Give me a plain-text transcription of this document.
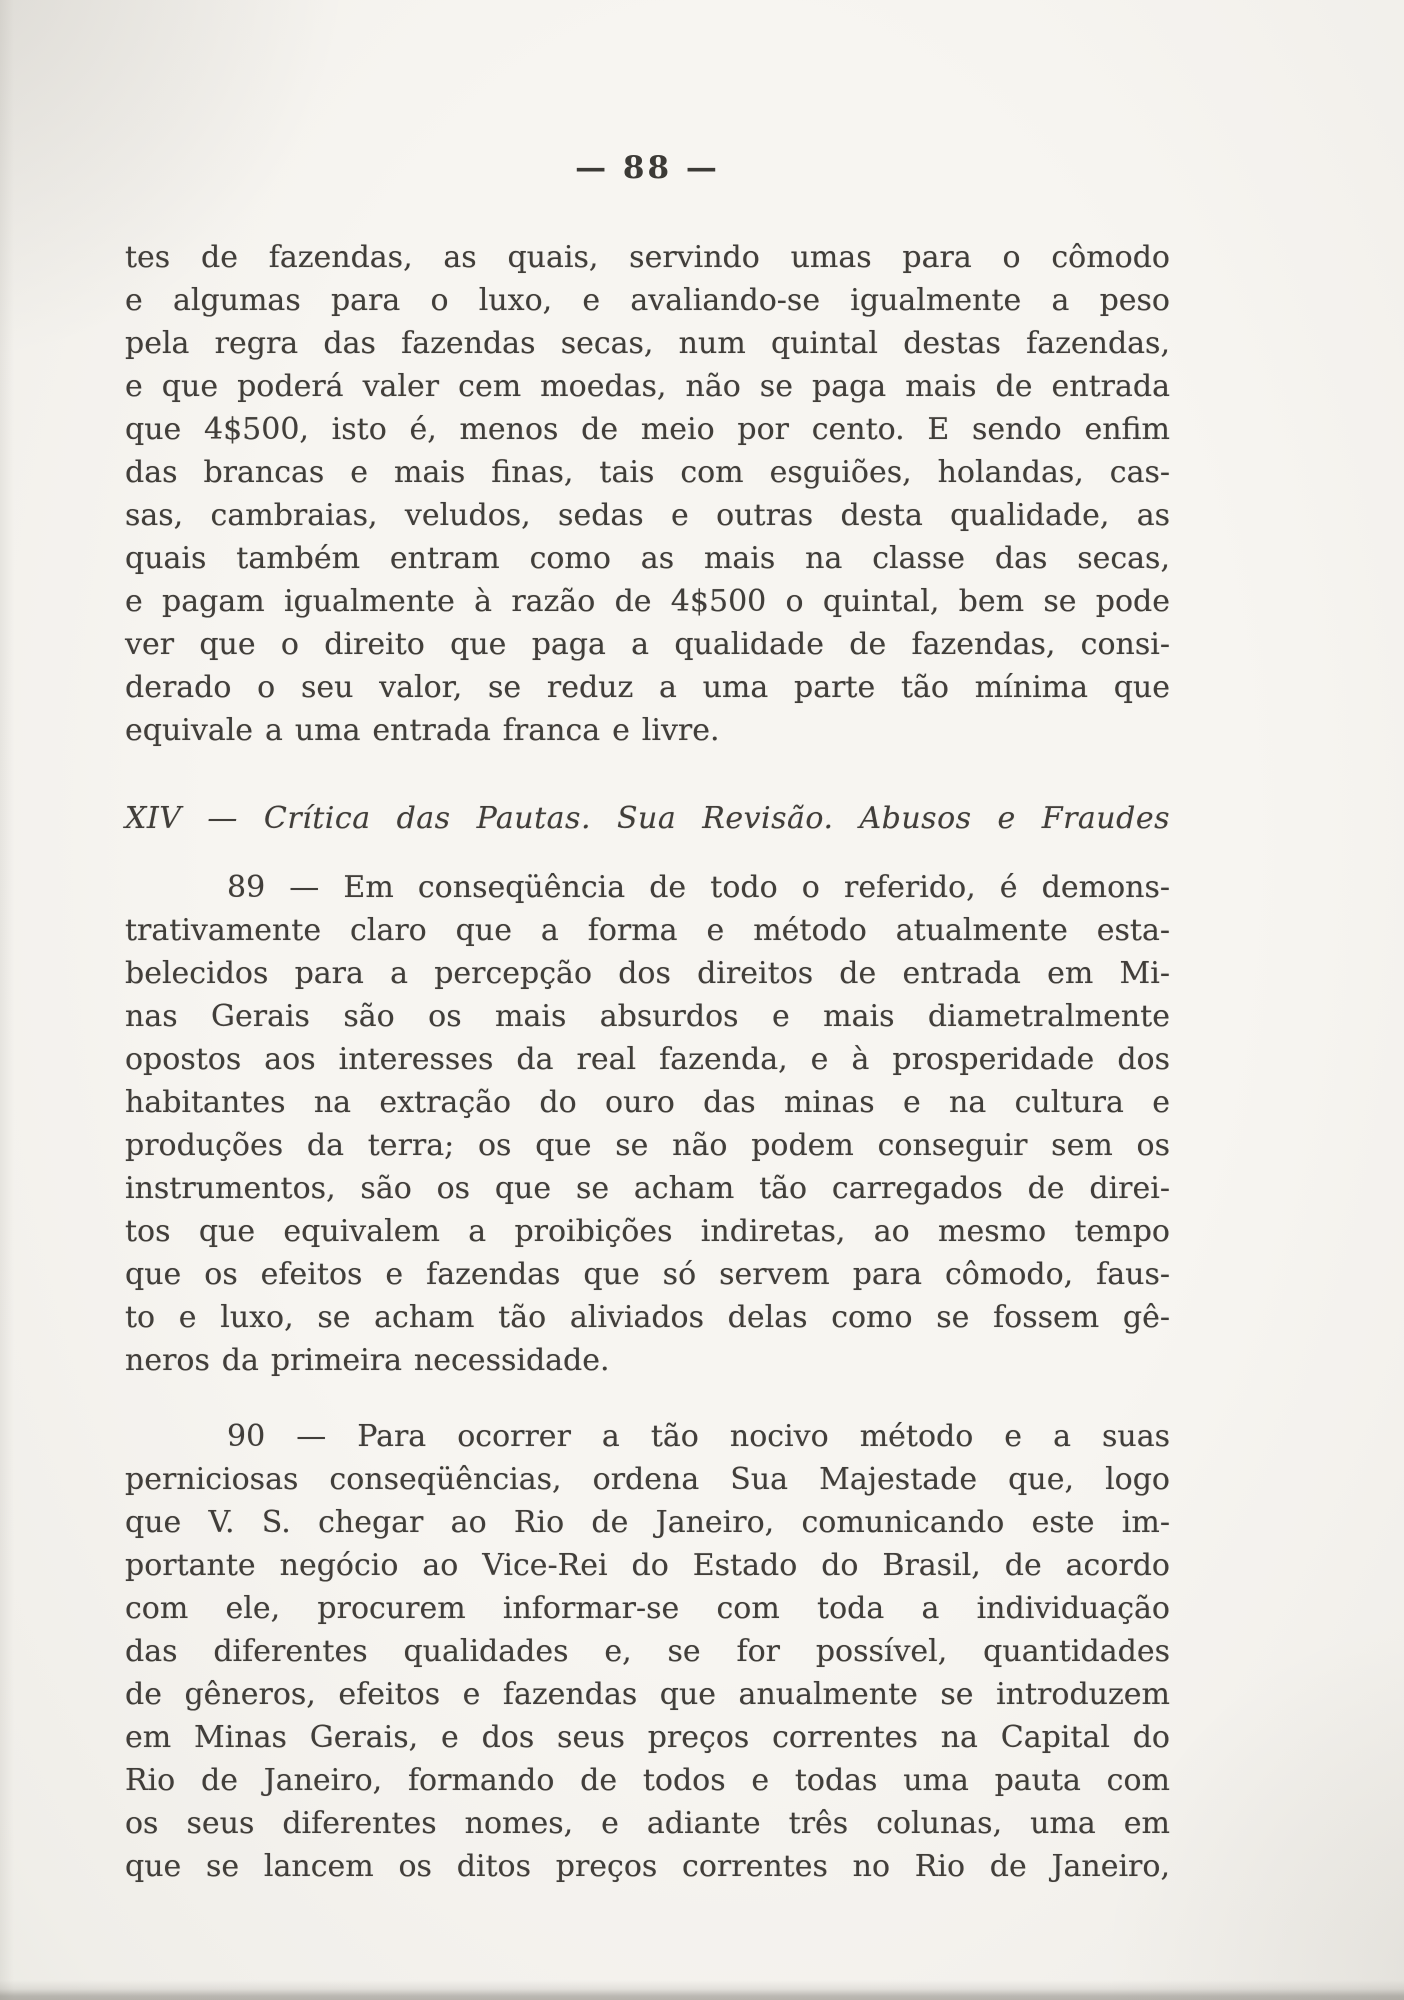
— 88 —
tes de fazendas, as quais, servindo umas para o cômodo
e algumas para o luxo, e avaliando-se igualmente a peso
pela regra das fazendas secas, num quintal destas fazendas,
e que poderá valer cem moedas, não se paga mais de entrada
que 4$500, isto é, menos de meio por cento. E sendo enfim
das brancas e mais finas, tais com esguiões, holandas, cas-
sas, cambraias, veludos, sedas e outras desta qualidade, as
quais também entram como as mais na classe das secas,
e pagam igualmente à razão de 4$500 o quintal, bem se pode
ver que o direito que paga a qualidade de fazendas, consi-
derado o seu valor, se reduz a uma parte tão mínima que
equivale a uma entrada franca e livre.
XIV — Crítica das Pautas. Sua Revisão. Abusos e Fraudes
89 — Em conseqüência de todo o referido, é demons-
trativamente claro que a forma e método atualmente esta-
belecidos para a percepção dos direitos de entrada em Mi-
nas Gerais são os mais absurdos e mais diametralmente
opostos aos interesses da real fazenda, e à prosperidade dos
habitantes na extração do ouro das minas e na cultura e
produções da terra; os que se não podem conseguir sem os
instrumentos, são os que se acham tão carregados de direi-
tos que equivalem a proibições indiretas, ao mesmo tempo
que os efeitos e fazendas que só servem para cômodo, faus-
to e luxo, se acham tão aliviados delas como se fossem gê-
neros da primeira necessidade.
90 — Para ocorrer a tão nocivo método e a suas
perniciosas conseqüências, ordena Sua Majestade que, logo
que V. S. chegar ao Rio de Janeiro, comunicando este im-
portante negócio ao Vice-Rei do Estado do Brasil, de acordo
com ele, procurem informar-se com toda a individuação
das diferentes qualidades e, se for possível, quantidades
de gêneros, efeitos e fazendas que anualmente se introduzem
em Minas Gerais, e dos seus preços correntes na Capital do
Rio de Janeiro, formando de todos e todas uma pauta com
os seus diferentes nomes, e adiante três colunas, uma em
que se lancem os ditos preços correntes no Rio de Janeiro,
